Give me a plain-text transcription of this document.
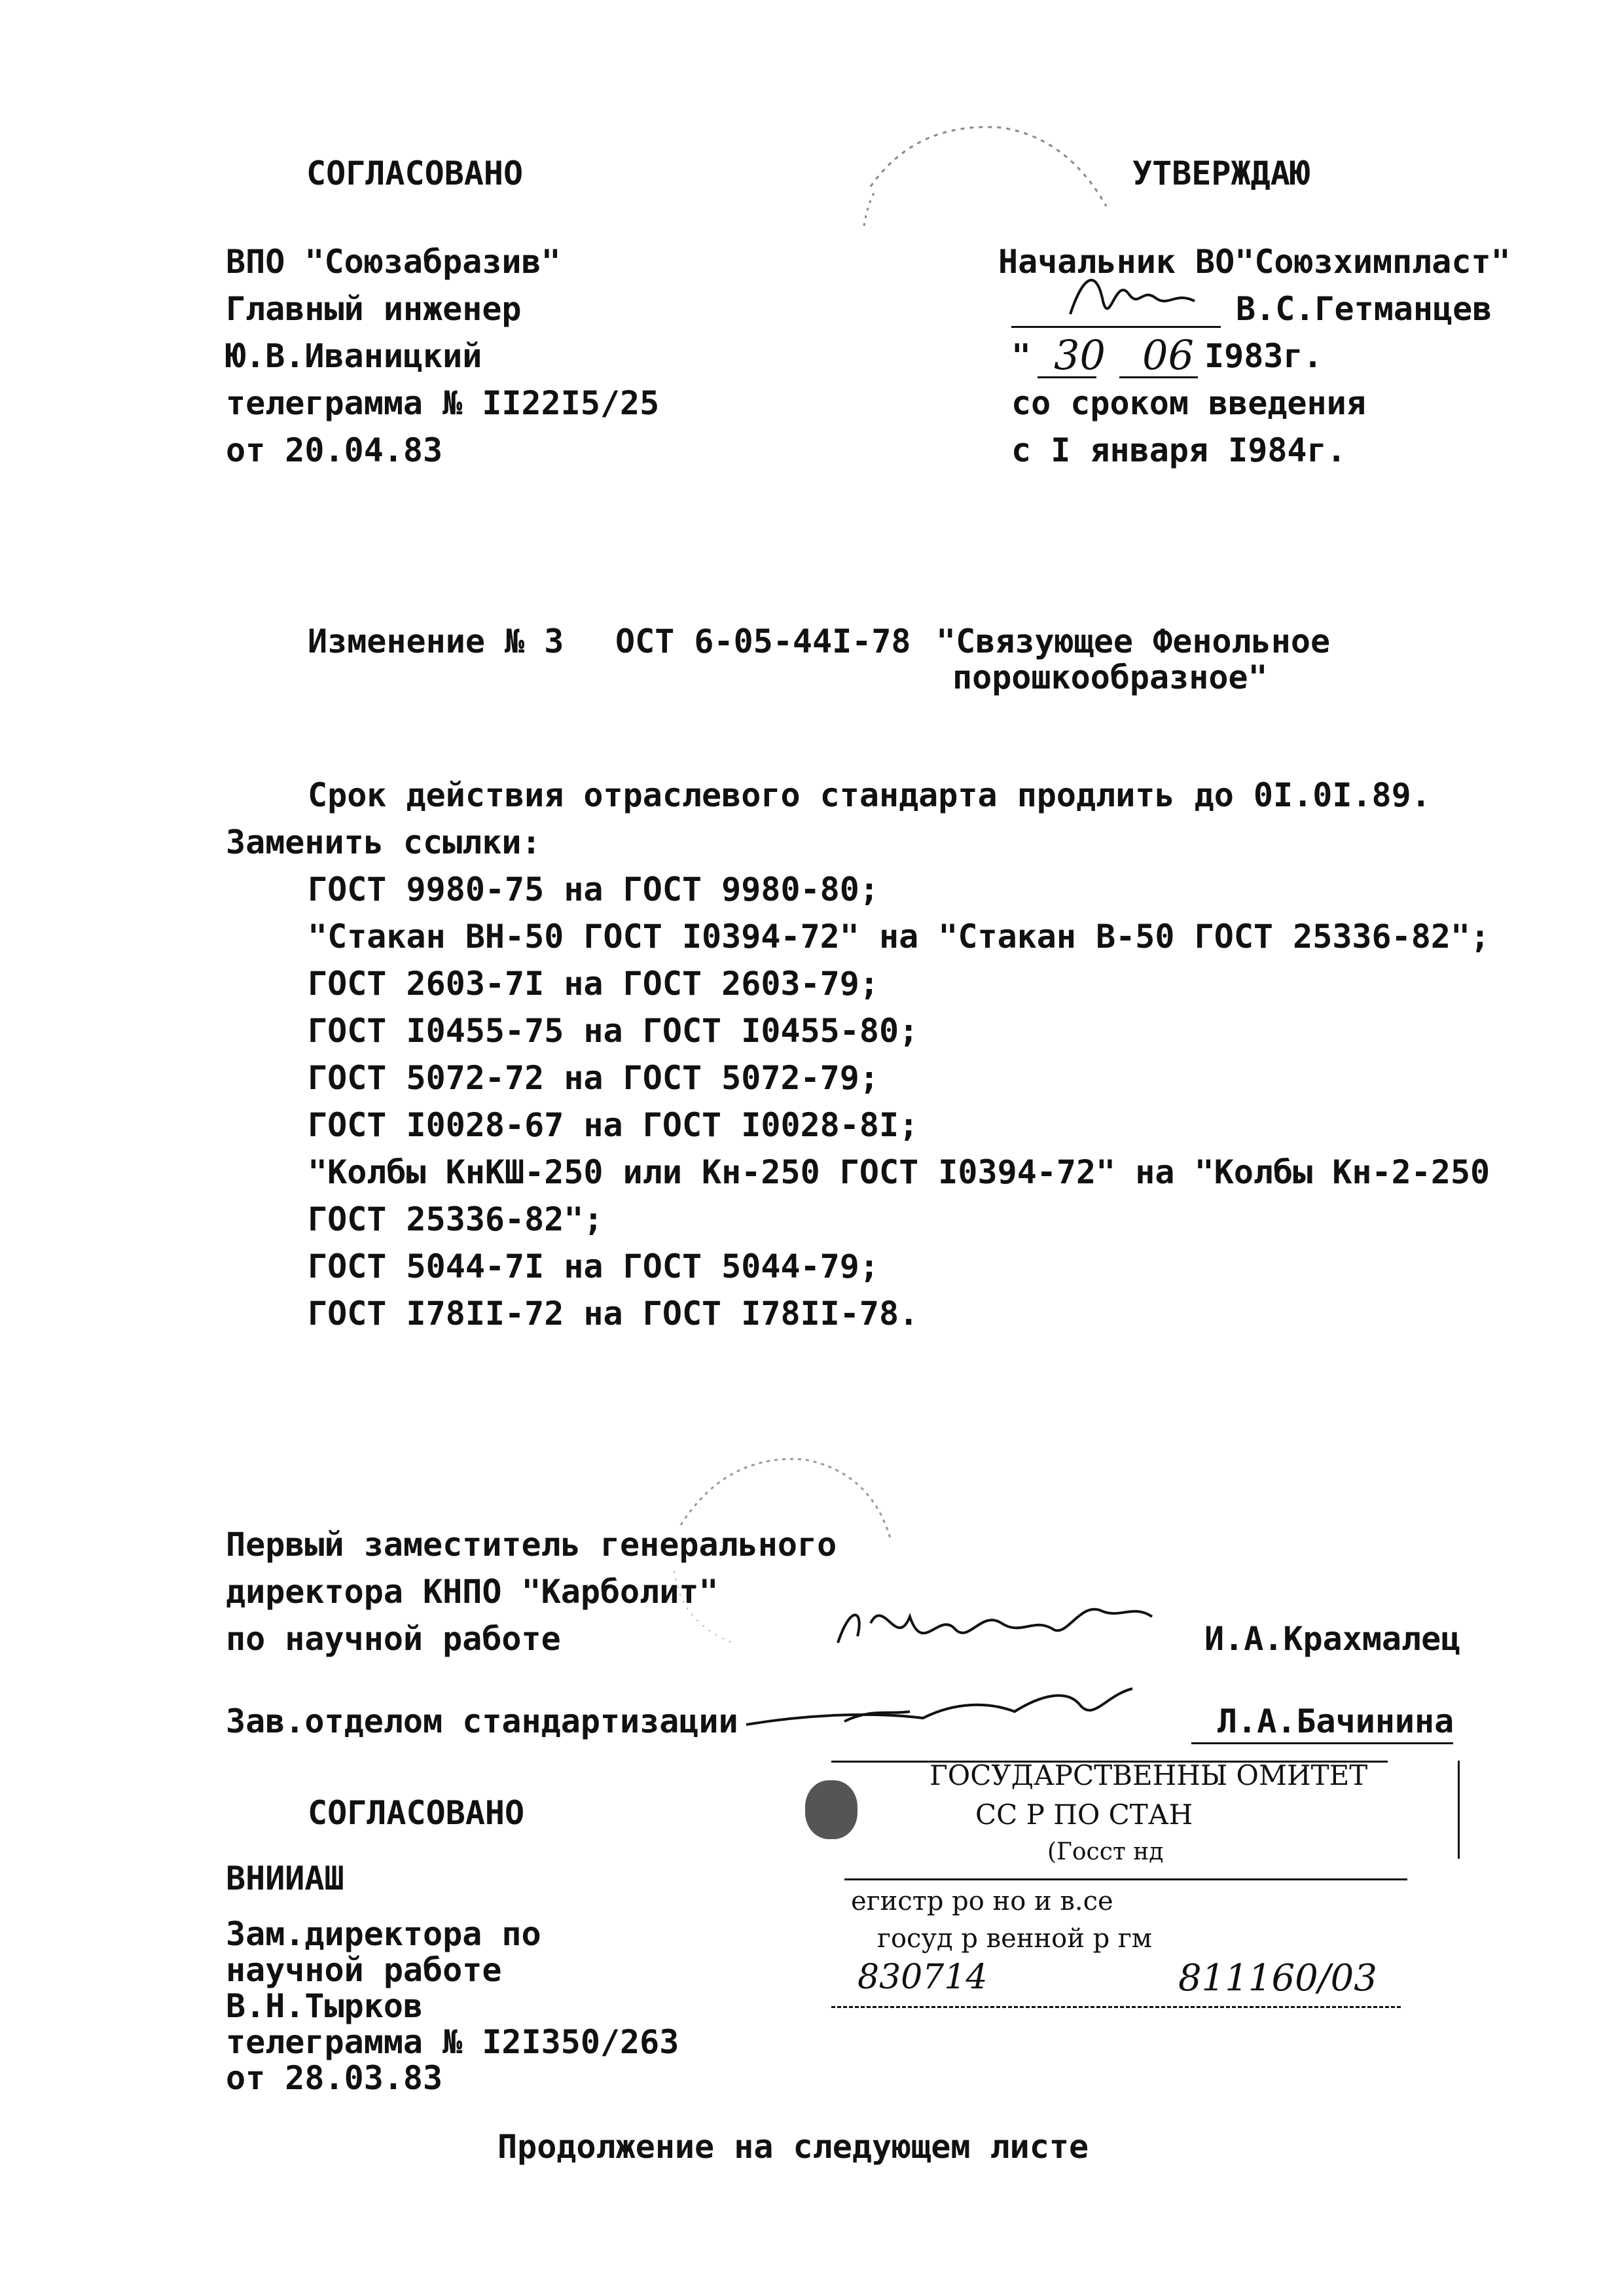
СОГЛАСОВАНО
ВПО "Союзабразив"
Главный инженер
Ю.В.Иваницкий
телеграмма № II22I5/25
от 20.04.83
УТВЕРЖДАЮ
Начальник ВО"Союзхимпласт"
В.С.Гетманцев
" 30 06 I983г.
со сроком введения
с I января I984г.
Изменение № 3 ОСТ 6-05-44I-78 "Связующее Фенольное
порошкообразное"
Срок действия отраслевого стандарта продлить до 0I.0I.89.
Заменить ссылки:
ГОСТ 9980-75 на ГОСТ 9980-80;
"Стакан ВН-50 ГОСТ I0394-72" на "Стакан В-50 ГОСТ 25336-82";
ГОСТ 2603-7I на ГОСТ 2603-79;
ГОСТ I0455-75 на ГОСТ I0455-80;
ГОСТ 5072-72 на ГОСТ 5072-79;
ГОСТ I0028-67 на ГОСТ I0028-8I;
"Колбы КнКШ-250 или Кн-250 ГОСТ I0394-72" на "Колбы Кн-2-250
ГОСТ 25336-82";
ГОСТ 5044-7I на ГОСТ 5044-79;
ГОСТ I78II-72 на ГОСТ I78II-78.
Первый заместитель генерального
директора КНПО "Карболит"
по научной работе	И.А.Крахмалец
Зав.отделом стандартизации	Л.А.Бачинина
СОГЛАСОВАНО
ВНИИАШ
Зам.директора по
научной работе
В.Н.Тырков
телеграмма № I2I350/263
от 28.03.83
ГОСУДАРСТВЕННЫ ОМИТЕТ
СС Р ПО СТАН
(Госст нд
егистр ро но и в.се
госуд р венной р гм
830714	811160/03
Продолжение на следующем листе
